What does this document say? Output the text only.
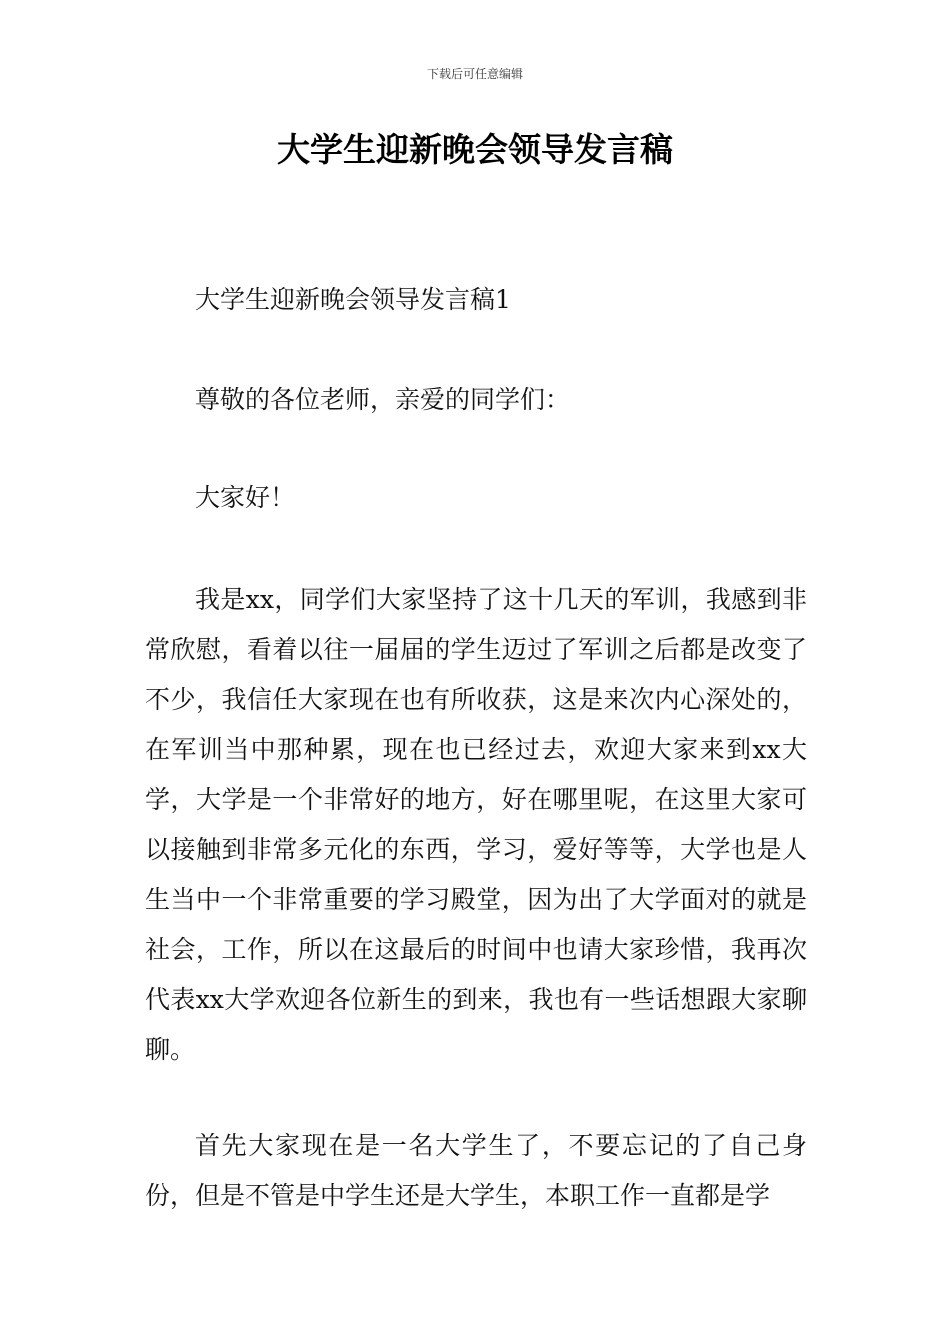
下载后可任意编辑
大学生迎新晚会领导发言稿

大学生迎新晚会领导发言稿1

尊敬的各位老师，亲爱的同学们：

大家好！

我是xx，同学们大家坚持了这十几天的军训，我感到非常欣慰，看着以往一届届的学生迈过了军训之后都是改变了不少，我信任大家现在也有所收获，这是来次内心深处的，在军训当中那种累，现在也已经过去，欢迎大家来到xx大学，大学是一个非常好的地方，好在哪里呢，在这里大家可以接触到非常多元化的东西，学习，爱好等等，大学也是人生当中一个非常重要的学习殿堂，因为出了大学面对的就是社会，工作，所以在这最后的时间中也请大家珍惜，我再次代表xx大学欢迎各位新生的到来，我也有一些话想跟大家聊聊。

首先大家现在是一名大学生了，不要忘记的了自己身份，但是不管是中学生还是大学生，本职工作一直都是学
